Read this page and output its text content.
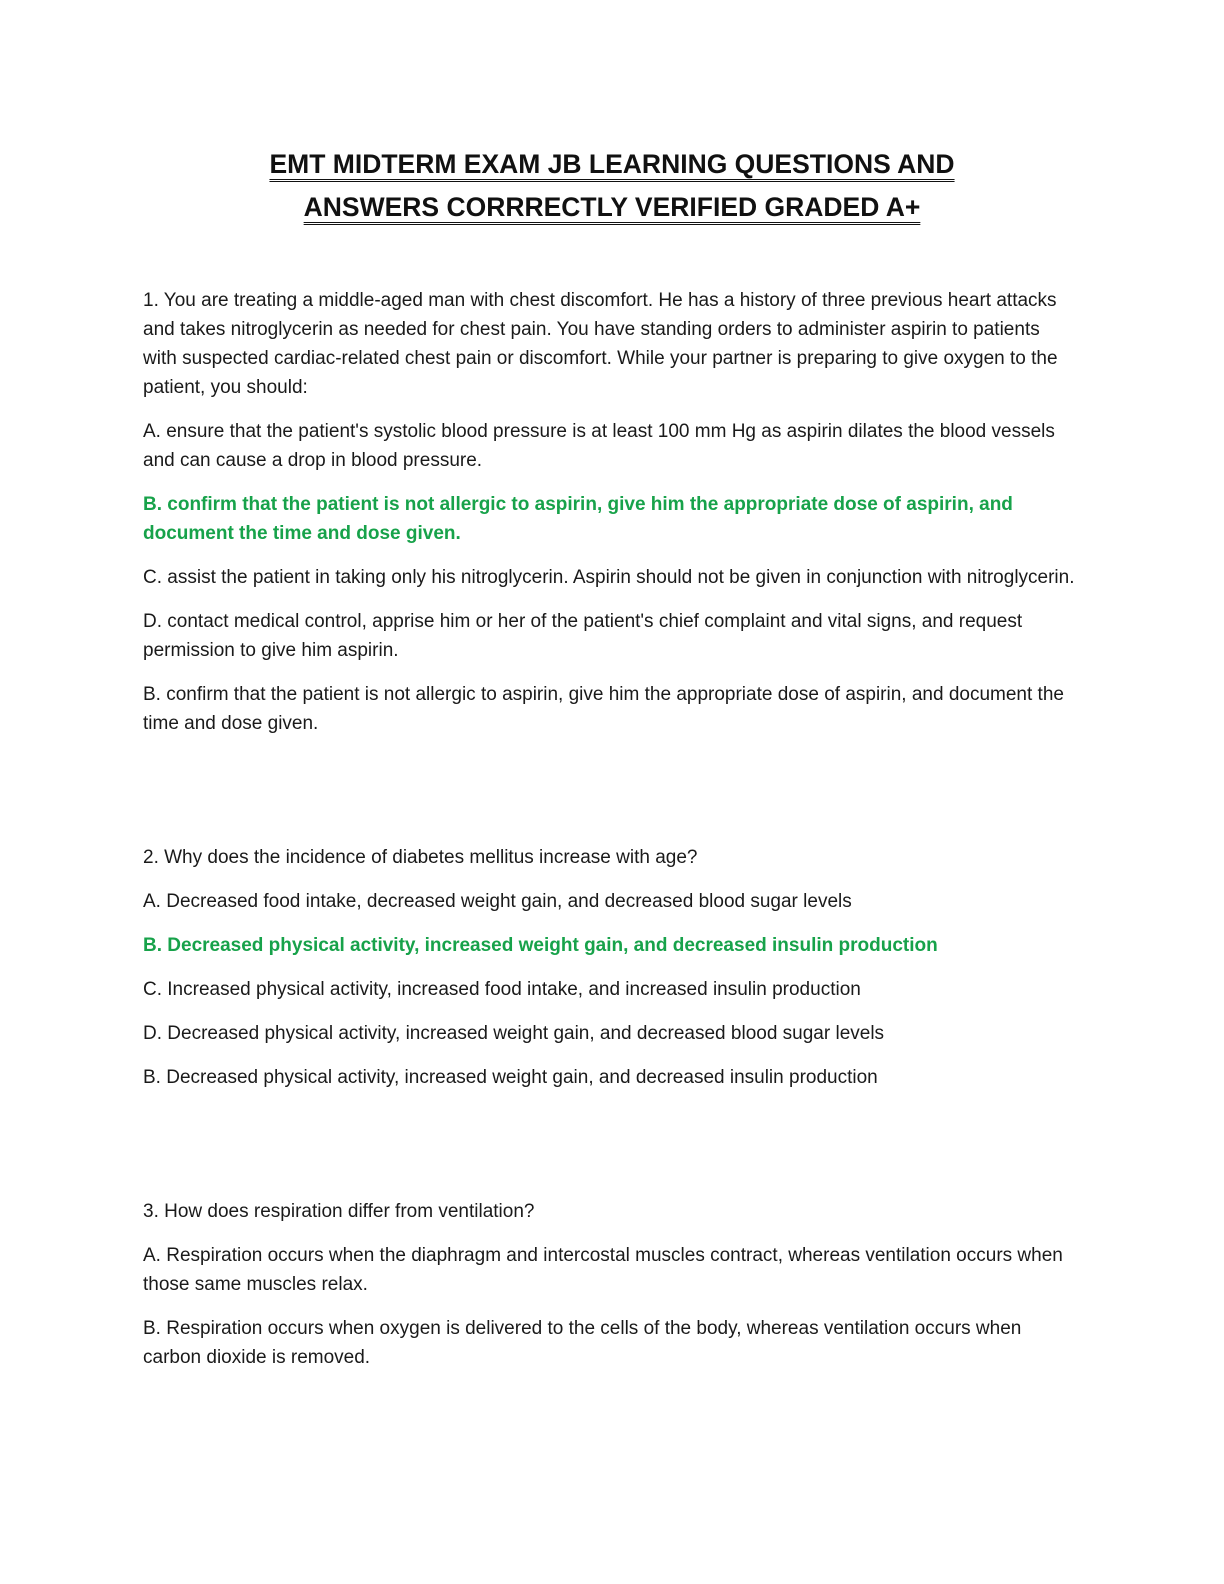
EMT MIDTERM EXAM JB LEARNING QUESTIONS AND
ANSWERS CORRRECTLY VERIFIED GRADED A+

1. You are treating a middle-aged man with chest discomfort. He has a history of three previous heart attacks and takes nitroglycerin as needed for chest pain. You have standing orders to administer aspirin to patients with suspected cardiac-related chest pain or discomfort. While your partner is preparing to give oxygen to the patient, you should:

A. ensure that the patient's systolic blood pressure is at least 100 mm Hg as aspirin dilates the blood vessels and can cause a drop in blood pressure.

B. confirm that the patient is not allergic to aspirin, give him the appropriate dose of aspirin, and document the time and dose given.

C. assist the patient in taking only his nitroglycerin. Aspirin should not be given in conjunction with nitroglycerin.

D. contact medical control, apprise him or her of the patient's chief complaint and vital signs, and request permission to give him aspirin.

B. confirm that the patient is not allergic to aspirin, give him the appropriate dose of aspirin, and document the time and dose given.

2. Why does the incidence of diabetes mellitus increase with age?

A. Decreased food intake, decreased weight gain, and decreased blood sugar levels

B. Decreased physical activity, increased weight gain, and decreased insulin production

C. Increased physical activity, increased food intake, and increased insulin production

D. Decreased physical activity, increased weight gain, and decreased blood sugar levels

B. Decreased physical activity, increased weight gain, and decreased insulin production

3. How does respiration differ from ventilation?

A. Respiration occurs when the diaphragm and intercostal muscles contract, whereas ventilation occurs when those same muscles relax.

B. Respiration occurs when oxygen is delivered to the cells of the body, whereas ventilation occurs when carbon dioxide is removed.
